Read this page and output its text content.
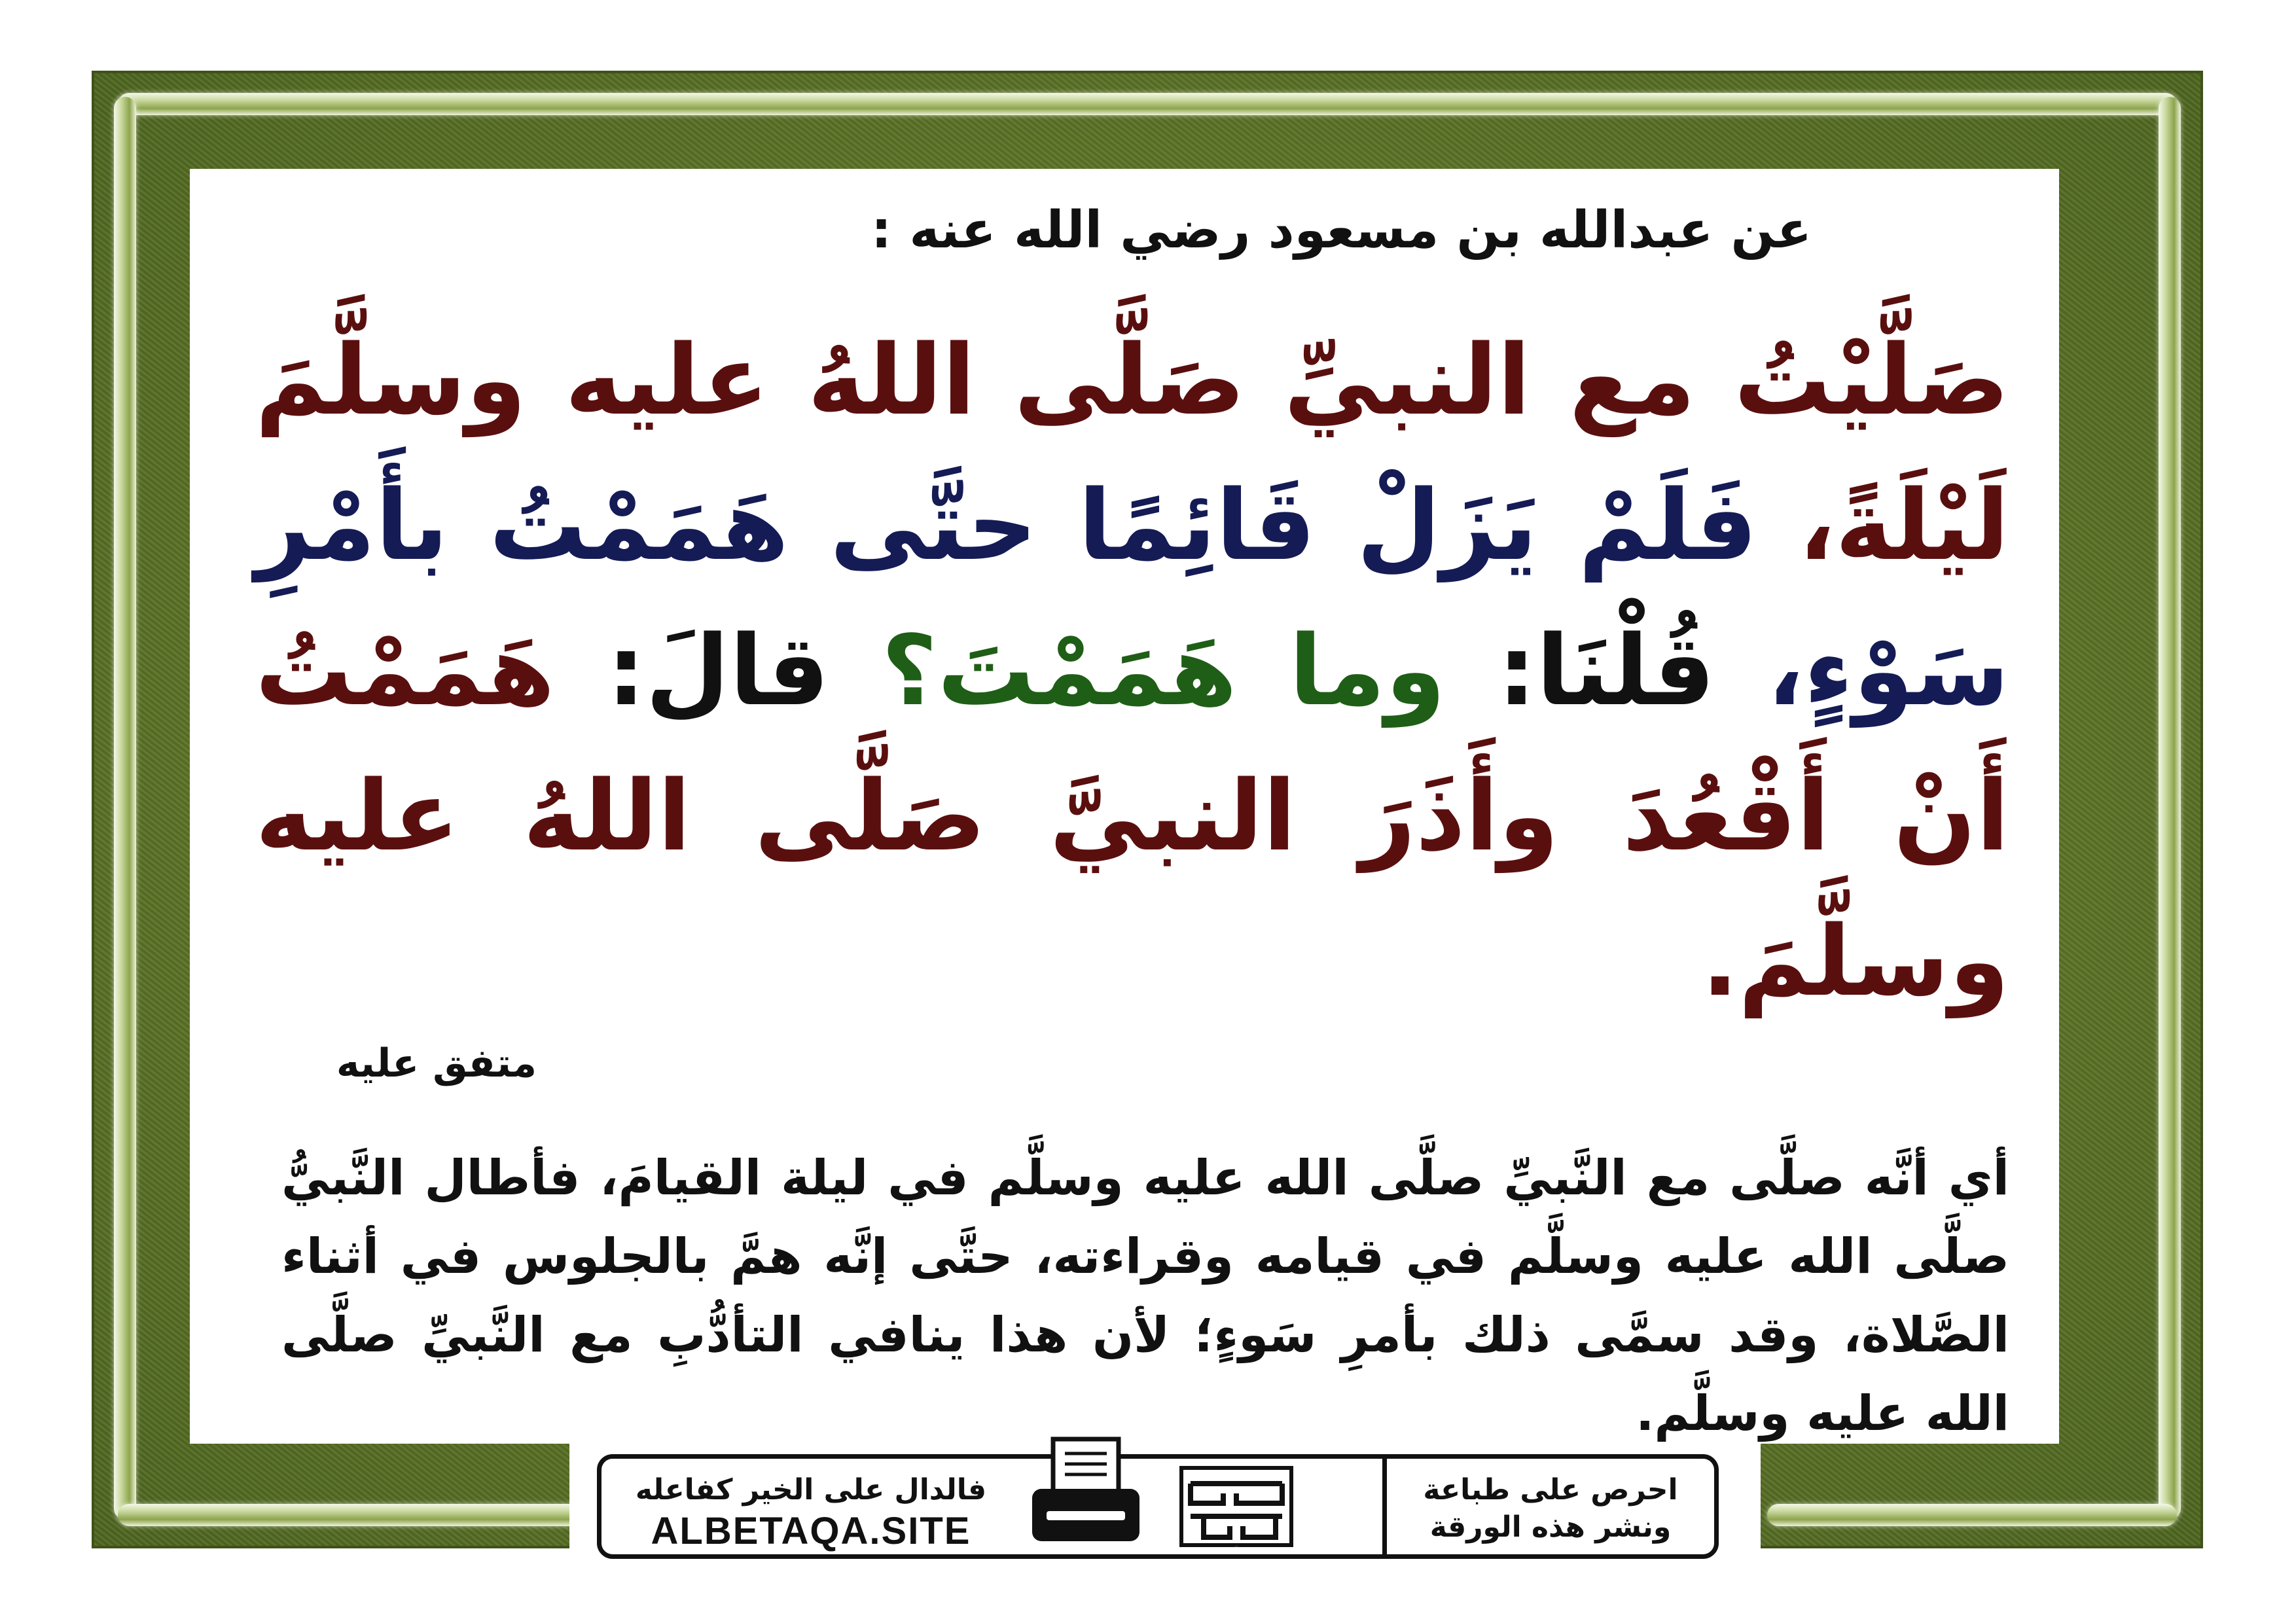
عن عبدالله بن مسعود رضي الله عنه :
صَلَّيْتُ مع النبيِّ صَلَّى اللهُ عليه وسلَّمَ لَيْلَةً، فَلَمْ يَزَلْ قَائِمًا حتَّى هَمَمْتُ بأَمْرِ سَوْءٍ، قُلْنَا: وما هَمَمْتَ؟ قالَ: هَمَمْتُ أَنْ أَقْعُدَ وأَذَرَ النبيَّ صَلَّى اللهُ عليه وسلَّمَ.
متفق عليه
أي أنَّه صلَّى مع النَّبيِّ صلَّى الله عليه وسلَّم في ليلة القيامَ، فأطال النَّبيُّ صلَّى الله عليه وسلَّم في قيامه وقراءته، حتَّى إنَّه همَّ بالجلوس في أثناء الصَّلاة، وقد سمَّى ذلك بأمرِ سَوءٍ؛ لأن هذا ينافي التأدُّبِ مع النَّبيِّ صلَّى الله عليه وسلَّم.
فالدال على الخير كفاعله
ALBETAQA.SITE	دعوة الورقة
احرص على طباعة
ونشر هذه الورقة
